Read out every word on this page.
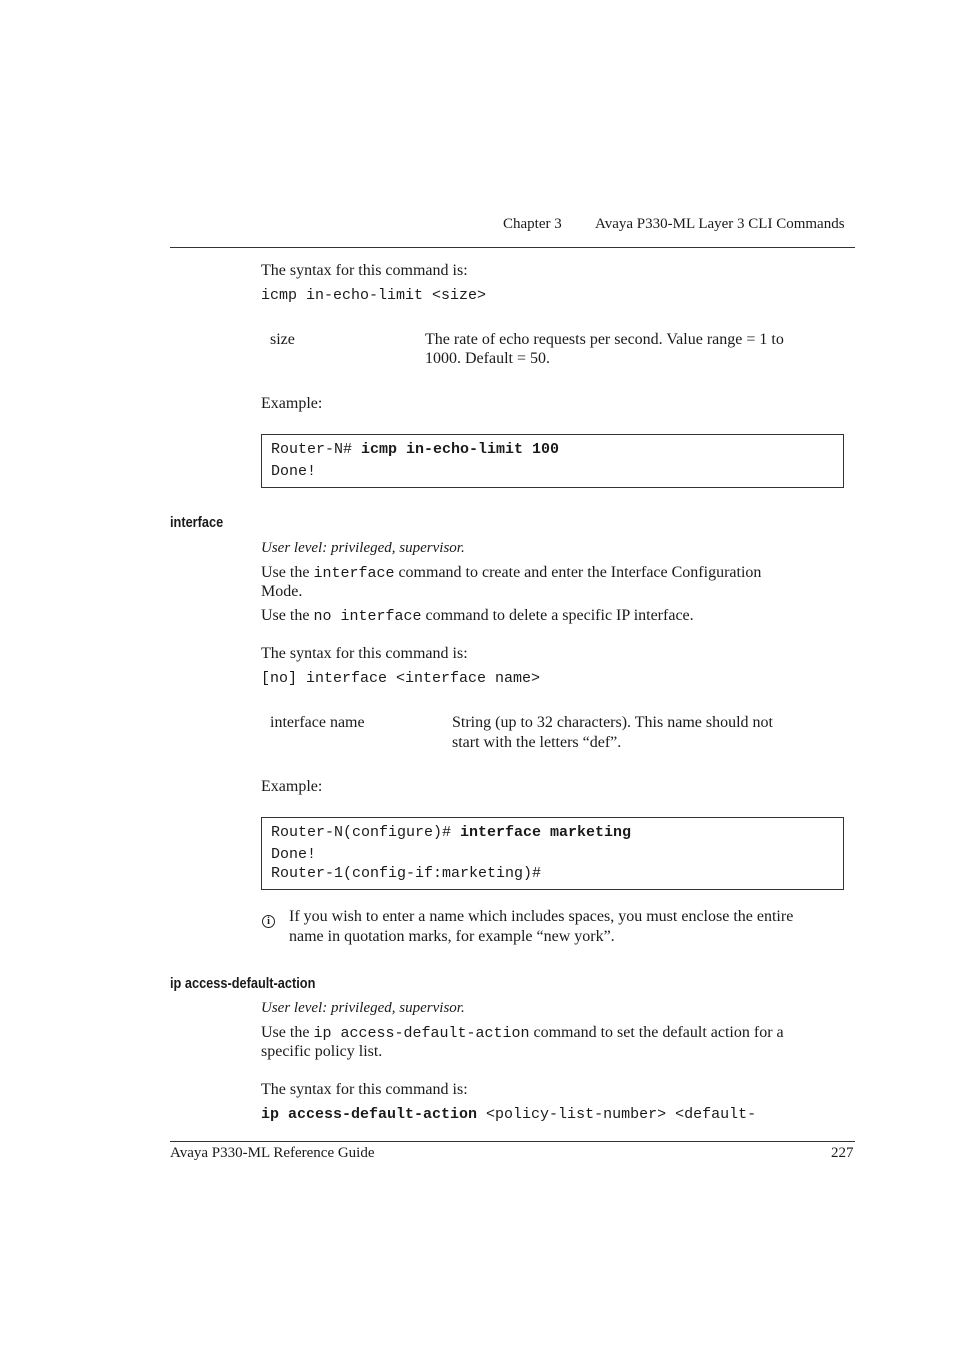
Chapter 3 Avaya P330-ML Layer 3 CLI Commands
The syntax for this command is:
icmp in-echo-limit <size>
size	The rate of echo requests per second. Value range = 1 to
1000. Default = 50.
Example:
Router-N# icmp in-echo-limit 100
Done!
interface
User level: privileged, supervisor.
Use the interface command to create and enter the Interface Configuration
Mode.
Use the no interface command to delete a specific IP interface.
The syntax for this command is:
[no] interface <interface name>
interface name	String (up to 32 characters). This name should not
start with the letters “def”.
Example:
Router-N(configure)# interface marketing
Done!
Router-1(config-if:marketing)#
i	If you wish to enter a name which includes spaces, you must enclose the entire
name in quotation marks, for example “new york”.
ip access-default-action
User level: privileged, supervisor.
Use the ip access-default-action command to set the default action for a
specific policy list.
The syntax for this command is:
ip access-default-action <policy-list-number> <default-
Avaya P330-ML Reference Guide	227
